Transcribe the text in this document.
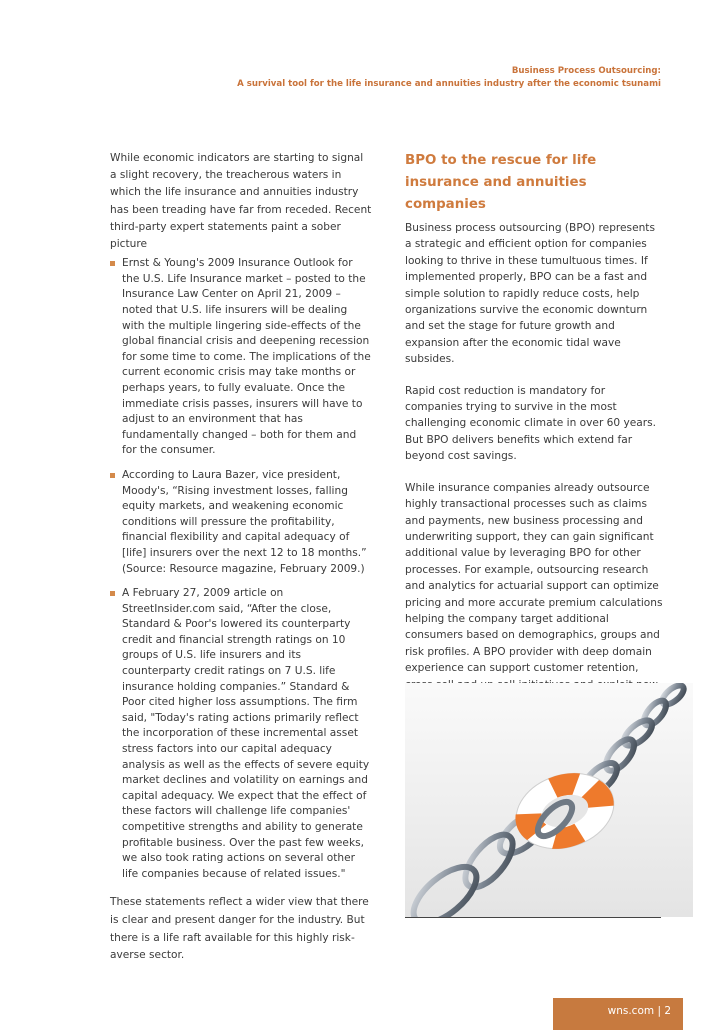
Business Process Outsourcing:
A survival tool for the life insurance and annuities industry after the economic tsunami

While economic indicators are starting to signal a slight recovery, the treacherous waters in which the life insurance and annuities industry has been treading have far from receded. Recent third-party expert statements paint a sober picture

Ernst & Young's 2009 Insurance Outlook for the U.S. Life Insurance market – posted to the Insurance Law Center on April 21, 2009 – noted that U.S. life insurers will be dealing with the multiple lingering side-effects of the global financial crisis and deepening recession for some time to come. The implications of the current economic crisis may take months or perhaps years, to fully evaluate. Once the immediate crisis passes, insurers will have to adjust to an environment that has fundamentally changed – both for them and for the consumer.
According to Laura Bazer, vice president, Moody's, “Rising investment losses, falling equity markets, and weakening economic conditions will pressure the profitability, financial flexibility and capital adequacy of [life] insurers over the next 12 to 18 months.” (Source: Resource magazine, February 2009.)
A February 27, 2009 article on StreetInsider.com said, “After the close, Standard & Poor's lowered its counterparty credit and financial strength ratings on 10 groups of U.S. life insurers and its counterparty credit ratings on 7 U.S. life insurance holding companies.” Standard & Poor cited higher loss assumptions. The firm said, "Today's rating actions primarily reflect the incorporation of these incremental asset stress factors into our capital adequacy analysis as well as the effects of severe equity market declines and volatility on earnings and capital adequacy. We expect that the effect of these factors will challenge life companies' competitive strengths and ability to generate profitable business. Over the past few weeks, we also took rating actions on several other life companies because of related issues."

These statements reflect a wider view that there is clear and present danger for the industry. But there is a life raft available for this highly risk-averse sector.

BPO to the rescue for life insurance and annuities companies

Business process outsourcing (BPO) represents a strategic and efficient option for companies looking to thrive in these tumultuous times. If implemented properly, BPO can be a fast and simple solution to rapidly reduce costs, help organizations survive the economic downturn and set the stage for future growth and expansion after the economic tidal wave subsides.

Rapid cost reduction is mandatory for companies trying to survive in the most challenging economic climate in over 60 years. But BPO delivers benefits which extend far beyond cost savings.

While insurance companies already outsource highly transactional processes such as claims and payments, new business processing and underwriting support, they can gain significant additional value by leveraging BPO for other processes. For example, outsourcing research and analytics for actuarial support can optimize pricing and more accurate premium calculations helping the company target additional consumers based on demographics, groups and risk profiles. A BPO provider with deep domain experience can support customer retention,

wns.com | 2
